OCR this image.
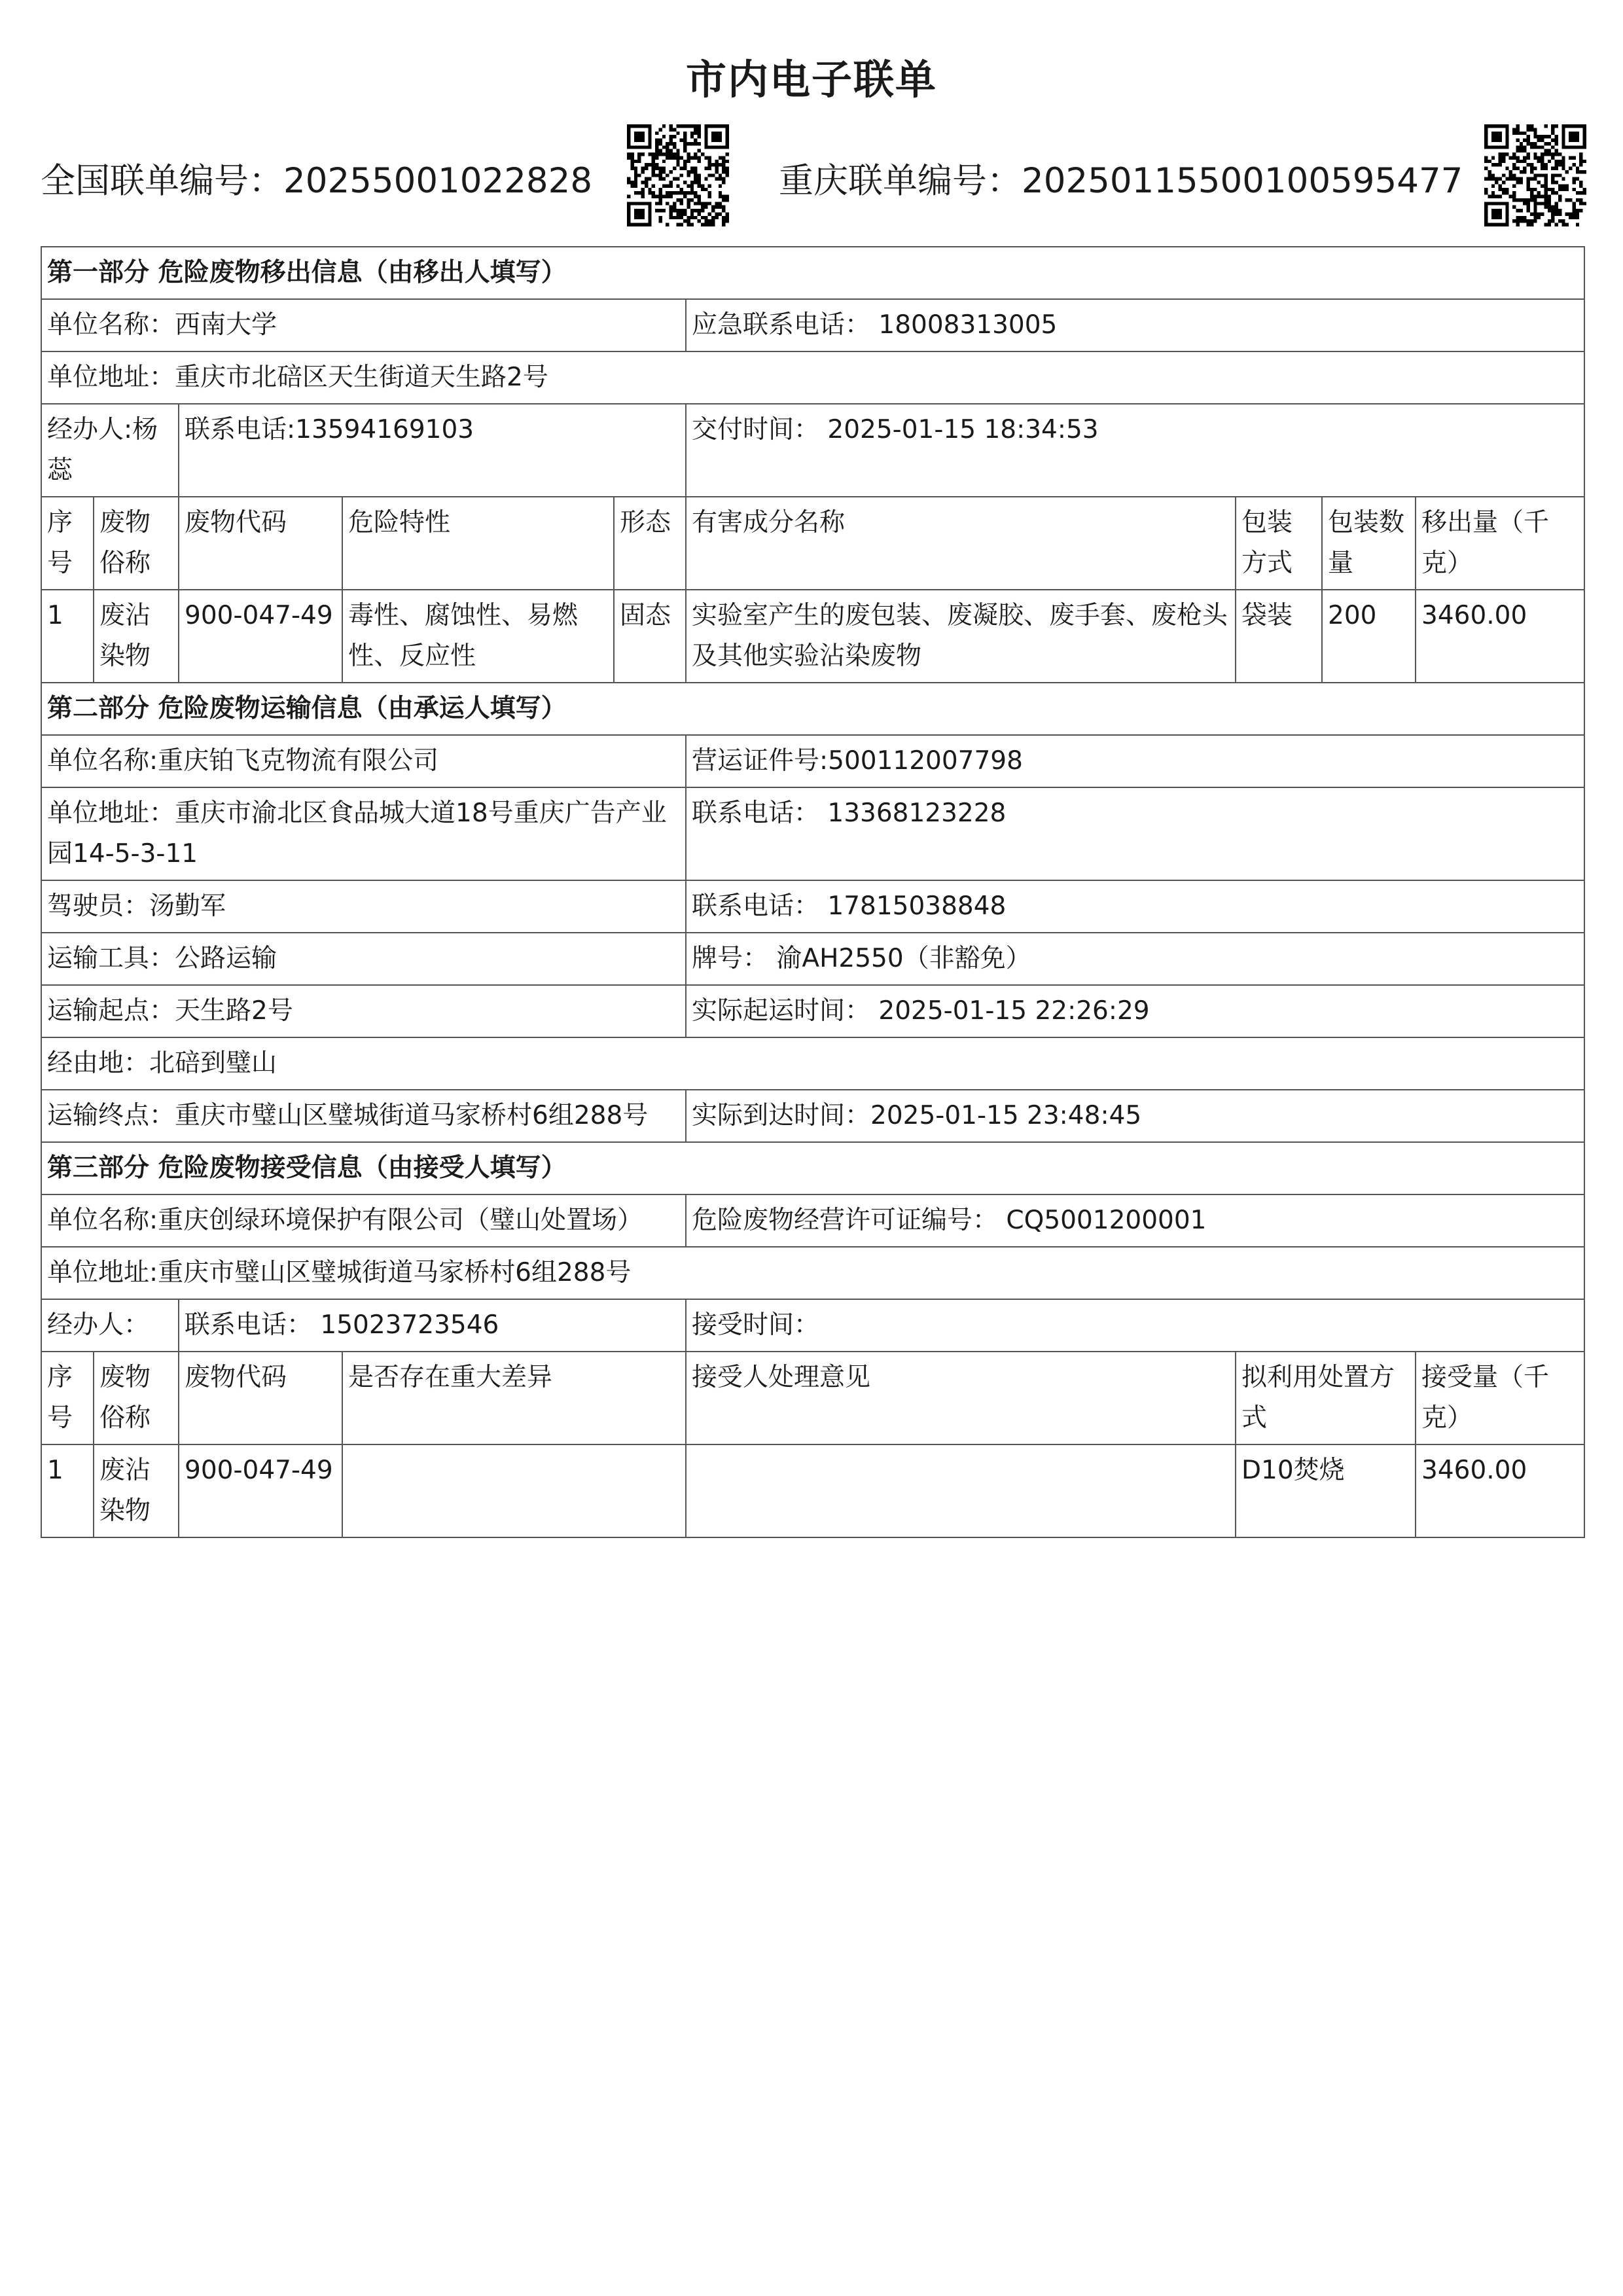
市内电子联单
全国联单编号：20255001022828	重庆联单编号：2025011550010059547​7
第一部分 危险废物移出信息（由移出人填写）								
单位名称：西南大学					应急联系电话： 18008313005			
单位地址：重庆市北碚区天生街道天生路2号								
经办人:杨蕊		联系电话:13594169103			交付时间： 2025-01-15 18:34:53			
序号	废物俗称	废物代码	危险特性	形态	有害成分名称	包装方式	包装数量	移出量（千克）
1	废沾染物	900-047-49	毒性、腐蚀性、易燃性、反应性	固态	实验室产生的废包装、废凝胶、废手套、废枪头及其他实验沾染废物	袋装	200	3460.00
第二部分 危险废物运输信息（由承运人填写）								
单位名称:重庆铂飞克物流有限公司					营运证件号:500112007798			
单位地址：重庆市渝北区食品城大道18号重庆广告产业园14-5-3-11					联系电话： 13368123228			
驾驶员：汤勤军					联系电话： 17815038848			
运输工具：公路运输					牌号： 渝AH2550（非豁免）			
运输起点：天生路2号					实际起运时间： 2025-01-15 22:26:29			
经由地：北碚到璧山								
运输终点：重庆市璧山区璧城街道马家桥村6组288号					实际到达时间：2025-01-15 23:48:45			
第三部分 危险废物接受信息（由接受人填写）								
单位名称:重庆创绿环境保护有限公司（璧山处置场）					危险废物经营许可证编号： CQ5001200001			
单位地址:重庆市璧山区璧城街道马家桥村6组288号								
经办人：		联系电话： 15023723546			接受时间：			
序号	废物俗称	废物代码	是否存在重大差异		接受人处理意见	拟利用处置方式		接受量（千克）
1	废沾染物	900-047-49				D10焚烧		3460.00
